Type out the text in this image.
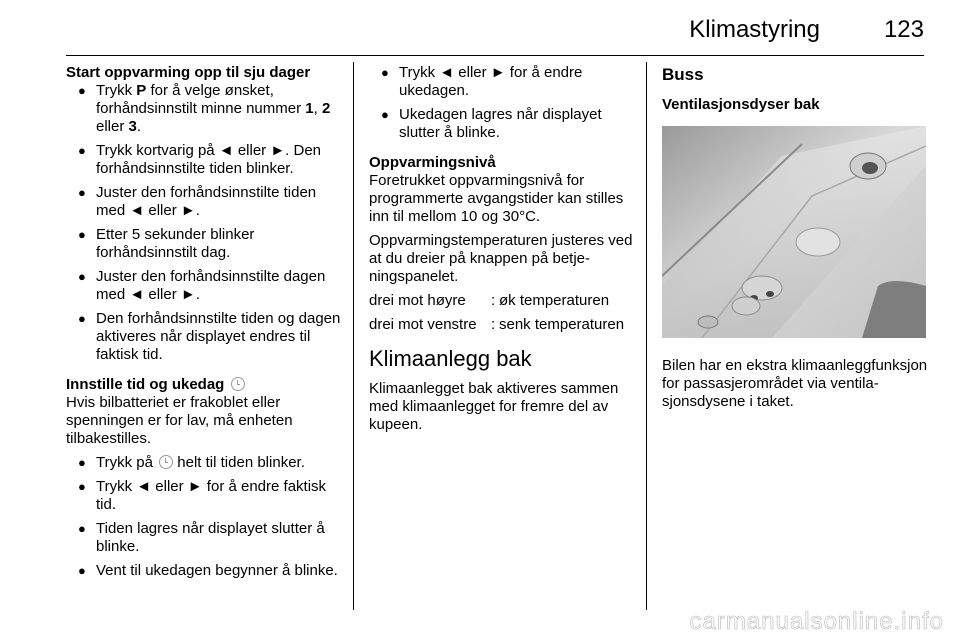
Klimastyring	123
Start oppvarming opp til sju dager
● Trykk P for å velge ønsket, forhåndsinnstilt minne nummer 1, 2 eller 3.
● Trykk kortvarig på ◄ eller ►. Den forhåndsinnstilte tiden blinker.
● Juster den forhåndsinnstilte tiden med ◄ eller ►.
● Etter 5 sekunder blinker forhåndsinnstilt dag.
● Juster den forhåndsinnstilte dagen med ◄ eller ►.
● Den forhåndsinnstilte tiden og dagen aktiveres når displayet endres til faktisk tid.
Innstille tid og ukedag

Hvis bilbatteriet er frakoblet eller spenningen er for lav, må enheten tilbakestilles.

● Trykk på  helt til tiden blinker.
● Trykk ◄ eller ► for å endre faktisk tid.
● Tiden lagres når displayet slutter å blinke.
● Vent til ukedagen begynner å blinke.
● Trykk ◄ eller ► for å endre ukedagen.
● Ukedagen lagres når displayet slutter å blinke.
Oppvarmingsnivå

Foretrukket oppvarmingsnivå for programmerte avgangstider kan stilles inn til mellom 10 og 30°C.

Oppvarmingstemperaturen justeres ved at du dreier på knappen på betjeningspanelet.

drei mot høyre	: øk temperaturen
drei mot venstre : senk temperaturen
Klimaanlegg bak

Klimaanlegget bak aktiveres sammen med klimaanlegget for fremre del av kupeen.

Buss
Ventilasjonsdyser bak

Bilen har en ekstra klimaanleggfunksjon for passasjerområdet via ventilasjonsdysene i taket.

carmanualsonline.info
